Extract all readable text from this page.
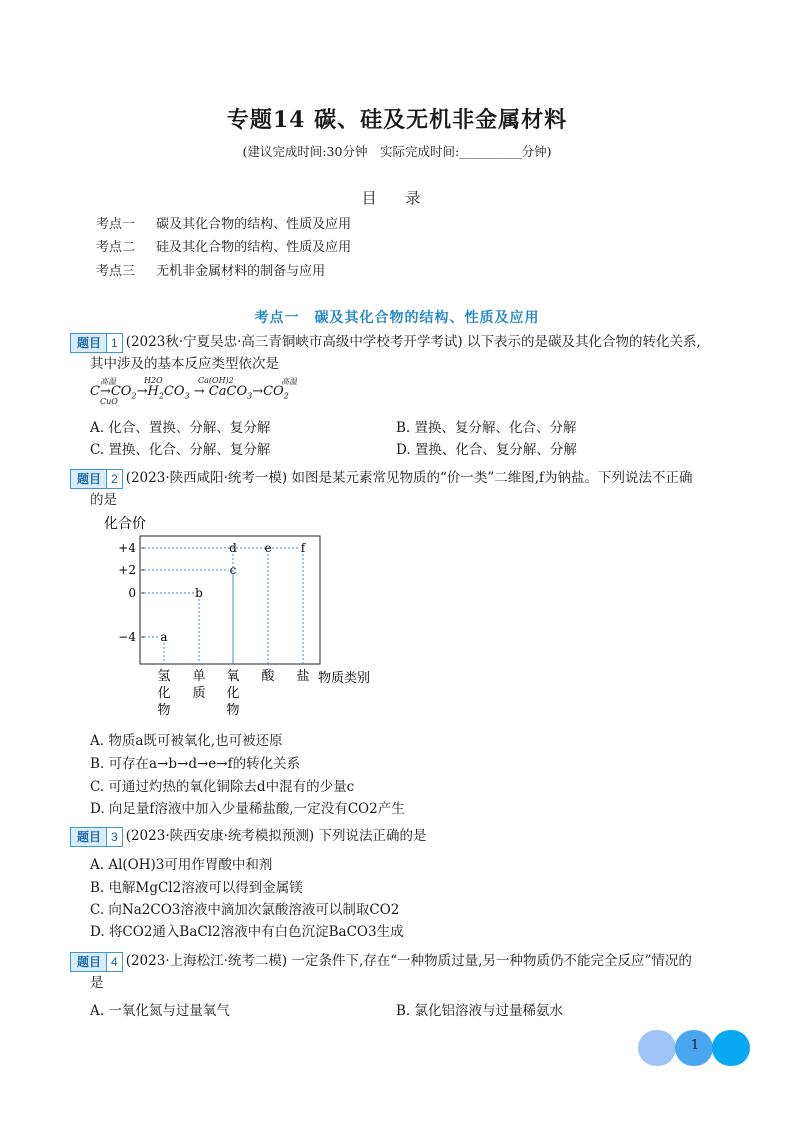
专题14 碳、硅及无机非金属材料
(建议完成时间:30分钟　实际完成时间:__________分钟)
目 录
考点一 碳及其化合物的结构、性质及应用
考点二 硅及其化合物的结构、性质及应用
考点三 无机非金属材料的制备与应用
考点一　碳及其化合物的结构、性质及应用
题目 1 (2023秋·宁夏吴忠·高三青铜峡市高级中学校考开学考试) 以下表示的是碳及其化合物的转化关系,
其中涉及的基本反应类型依次是
高温
CuO
H2O	Ca(OH)2	高温
$C\to CO_2\to H_2CO_3$ → $CaCO_3\to CO_2$
A. 化合、置换、分解、复分解	B. 置换、复分解、化合、分解
C. 置换、化合、分解、复分解	D. 置换、化合、复分解、分解
题目 2 (2023·陕西咸阳·统考一模) 如图是某元素常见物质的“价一类”二维图,f为钠盐。下列说法不正确
的是
化合价
+4
+2
0
−4 a
b
c
d e f
氢
化
物
单
质
氧
化
物
酸 盐 物质类别
A. 物质a既可被氧化,也可被还原
B. 可存在a→b→d→e→f的转化关系
C. 可通过灼热的氧化铜除去d中混有的少量c
D. 向足量f溶液中加入少量稀盐酸,一定没有CO2产生
题目 3 (2023·陕西安康·统考模拟预测) 下列说法正确的是
A. Al(OH)3可用作胃酸中和剂
B. 电解MgCl2溶液可以得到金属镁
C. 向Na2CO3溶液中滴加次氯酸溶液可以制取CO2
D. 将CO2通入BaCl2溶液中有白色沉淀BaCO3生成
题目 4 (2023·上海松江·统考二模) 一定条件下,存在“一种物质过量,另一种物质仍不能完全反应”情况的
是
A. 一氧化氮与过量氧气	B. 氯化铝溶液与过量稀氨水
1
